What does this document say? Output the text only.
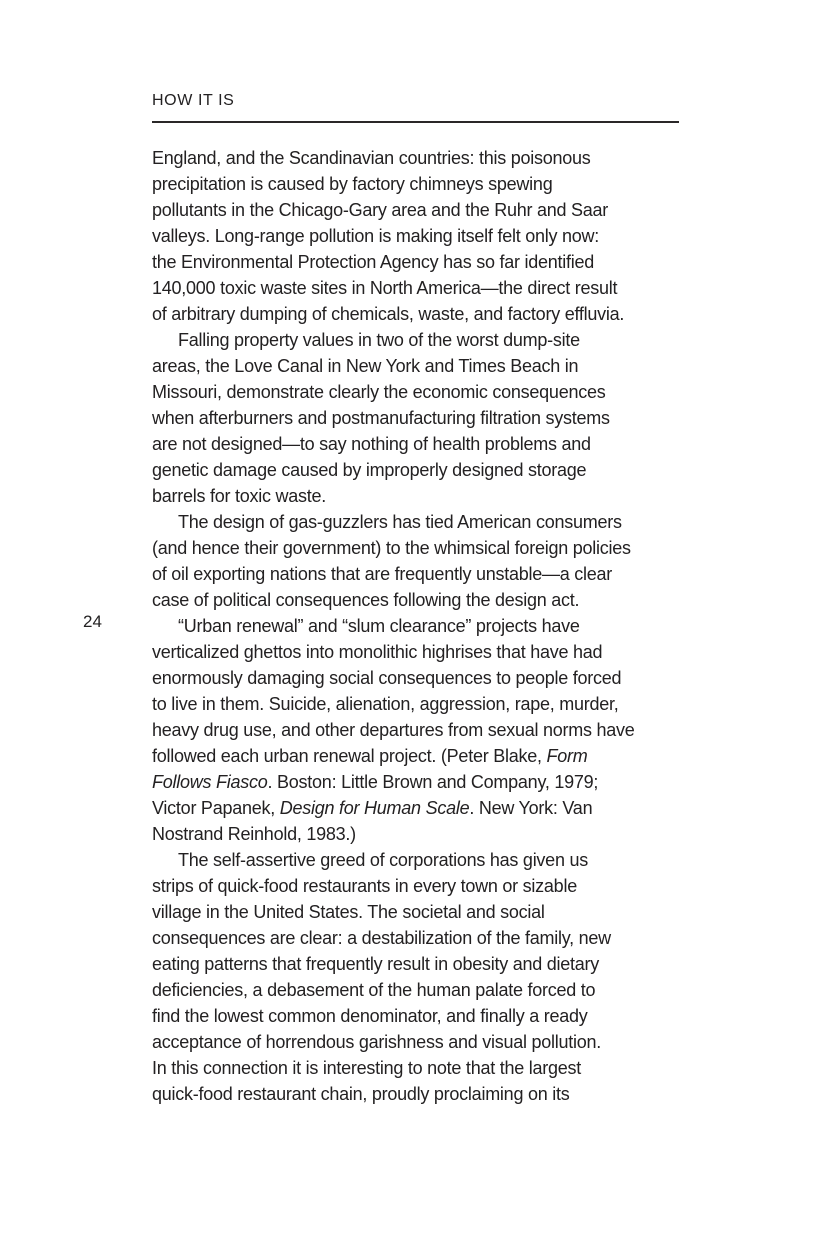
HOW IT IS
24
England, and the Scandinavian countries: this poisonous
precipitation is caused by factory chimneys spewing
pollutants in the Chicago-Gary area and the Ruhr and Saar
valleys. Long-range pollution is making itself felt only now:
the Environmental Protection Agency has so far identified
140,000 toxic waste sites in North America—the direct result
of arbitrary dumping of chemicals, waste, and factory effluvia.
Falling property values in two of the worst dump-site
areas, the Love Canal in New York and Times Beach in
Missouri, demonstrate clearly the economic consequences
when afterburners and postmanufacturing filtration systems
are not designed—to say nothing of health problems and
genetic damage caused by improperly designed storage
barrels for toxic waste.
The design of gas-guzzlers has tied American consumers
(and hence their government) to the whimsical foreign policies
of oil exporting nations that are frequently unstable—a clear
case of political consequences following the design act.
“Urban renewal” and “slum clearance” projects have
verticalized ghettos into monolithic highrises that have had
enormously damaging social consequences to people forced
to live in them. Suicide, alienation, aggression, rape, murder,
heavy drug use, and other departures from sexual norms have
followed each urban renewal project. (Peter Blake, Form
Follows Fiasco. Boston: Little Brown and Company, 1979;
Victor Papanek, Design for Human Scale. New York: Van
Nostrand Reinhold, 1983.)
The self-assertive greed of corporations has given us
strips of quick-food restaurants in every town or sizable
village in the United States. The societal and social
consequences are clear: a destabilization of the family, new
eating patterns that frequently result in obesity and dietary
deficiencies, a debasement of the human palate forced to
find the lowest common denominator, and finally a ready
acceptance of horrendous garishness and visual pollution.
In this connection it is interesting to note that the largest
quick-food restaurant chain, proudly proclaiming on its
